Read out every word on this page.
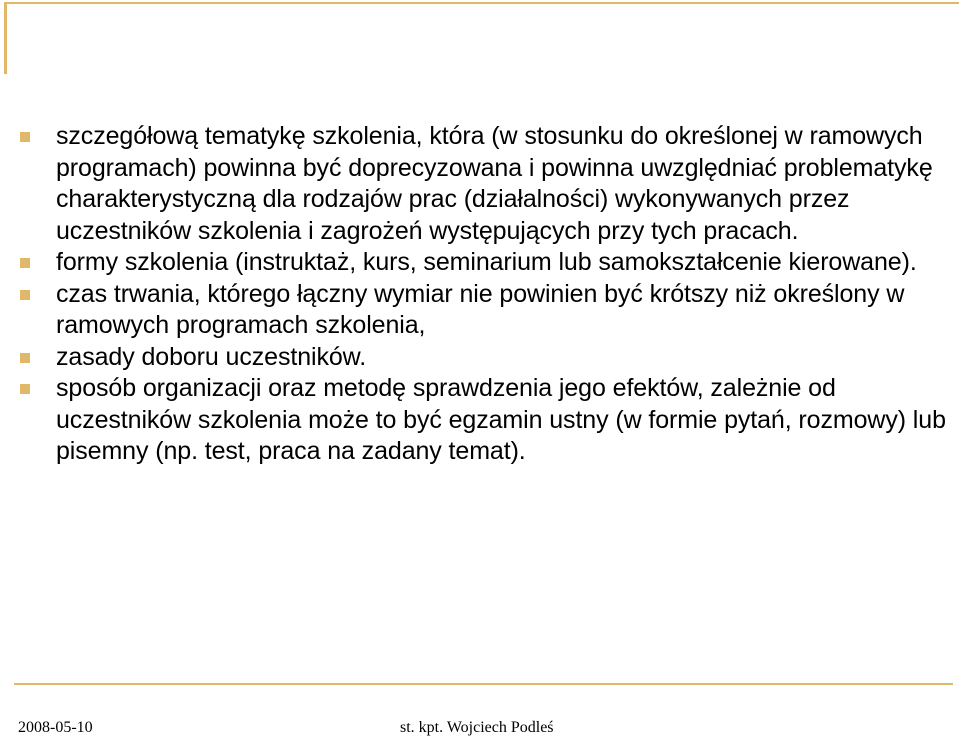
szczegółową tematykę szkolenia, która (w stosunku do określonej w ramowych programach) powinna być doprecyzowana i powinna uwzględniać problematykę charakterystyczną dla rodzajów prac (działalności) wykonywanych przez uczestników szkolenia i zagrożeń występujących przy tych pracach.
formy szkolenia (instruktaż, kurs, seminarium lub samokształcenie kierowane).
czas trwania, którego łączny wymiar nie powinien być krótszy niż określony w ramowych programach szkolenia,
zasady doboru uczestników.
sposób organizacji oraz metodę sprawdzenia jego efektów, zależnie od uczestników szkolenia może to być egzamin ustny (w formie pytań, rozmowy) lub pisemny (np. test, praca na zadany temat).
2008-05-10	st. kpt. Wojciech Podleś
